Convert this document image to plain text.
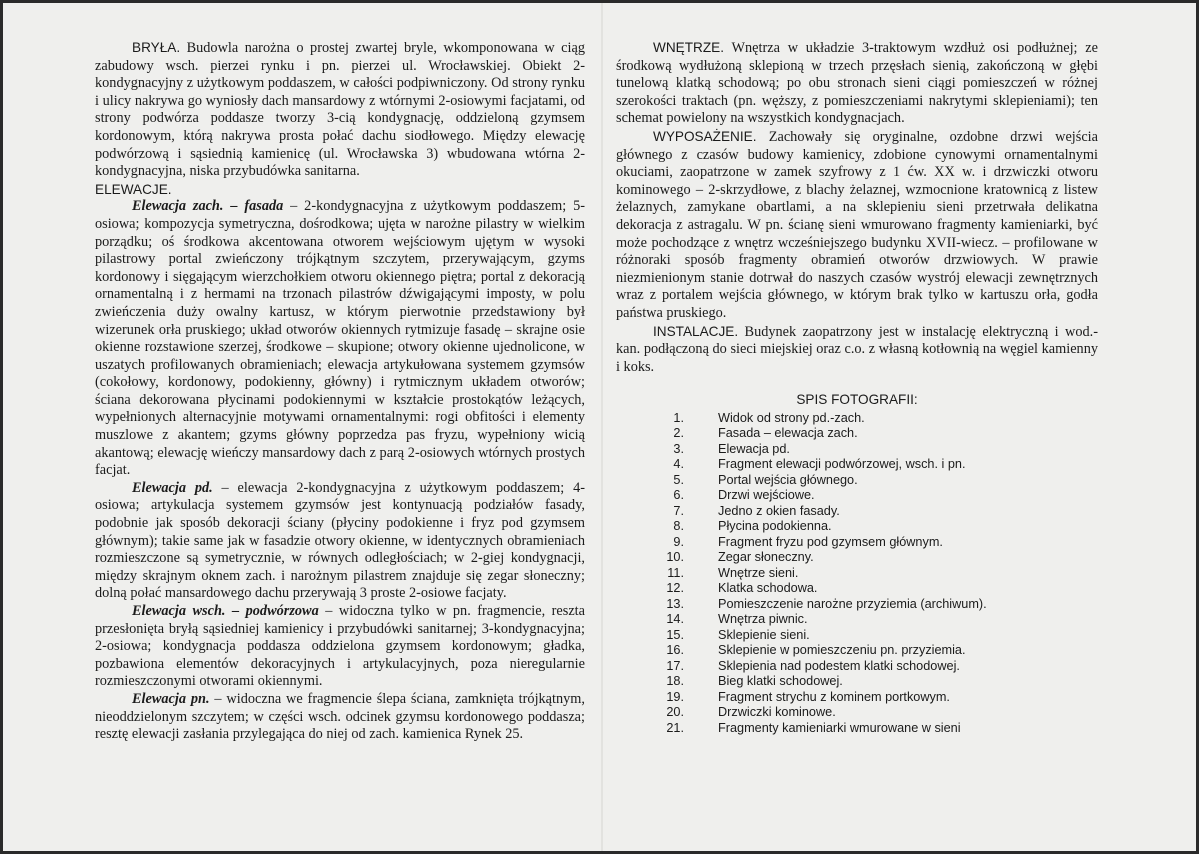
BRYŁA. Budowla narożna o prostej zwartej bryle, wkomponowana w ciąg zabudowy wsch. pierzei rynku i pn. pierzei ul. Wrocławskiej. Obiekt 2-kondygnacyjny z użytkowym poddaszem, w całości podpiwniczony. Od strony rynku i ulicy nakrywa go wyniosły dach mansardowy z wtórnymi 2-osiowymi facjatami, od strony podwórza poddasze tworzy 3-cią kondygnację, oddzieloną gzymsem kordonowym, którą nakrywa prosta połać dachu siodłowego. Między elewację podwórzową i sąsiednią kamienicę (ul. Wrocławska 3) wbudowana wtórna 2-kondygnacyjna, niska przybudówka sanitarna.

ELEWACJE.

Elewacja zach. – fasada – 2-kondygnacyjna z użytkowym poddaszem; 5-osiowa; kompozycja symetryczna, dośrodkowa; ujęta w narożne pilastry w wielkim porządku; oś środkowa akcentowana otworem wejściowym ujętym w wysoki pilastrowy portal zwieńczony trójkątnym szczytem, przerywającym, gzyms kordonowy i sięgającym wierzchołkiem otworu okiennego piętra; portal z dekoracją ornamentalną i z hermami na trzonach pilastrów dźwigającymi imposty, w polu zwieńczenia duży owalny kartusz, w którym pierwotnie przedstawiony był wizerunek orła pruskiego; układ otworów okiennych rytmizuje fasadę – skrajne osie okienne rozstawione szerzej, środkowe – skupione; otwory okienne ujednolicone, w uszatych profilowanych obramieniach; elewacja artykułowana systemem gzymsów (cokołowy, kordonowy, podokienny, główny) i rytmicznym układem otworów; ściana dekorowana płycinami podokiennymi w kształcie prostokątów leżących, wypełnionych alternacyjnie motywami ornamentalnymi: rogi obfitości i elementy muszlowe z akantem; gzyms główny poprzedza pas fryzu, wypełniony wicią akantową; elewację wieńczy mansardowy dach z parą 2-osiowych wtórnych prostych facjat.

Elewacja pd. – elewacja 2-kondygnacyjna z użytkowym poddaszem; 4-osiowa; artykulacja systemem gzymsów jest kontynuacją podziałów fasady, podobnie jak sposób dekoracji ściany (płyciny podokienne i fryz pod gzymsem głównym); takie same jak w fasadzie otwory okienne, w identycznych obramieniach rozmieszczone są symetrycznie, w równych odległościach; w 2-giej kondygnacji, między skrajnym oknem zach. i narożnym pilastrem znajduje się zegar słoneczny; dolną połać mansardowego dachu przerywają 3 proste 2-osiowe facjaty.

Elewacja wsch. – podwórzowa – widoczna tylko w pn. fragmencie, reszta przesłonięta bryłą sąsiedniej kamienicy i przybudówki sanitarnej; 3-kondygnacyjna; 2-osiowa; kondygnacja poddasza oddzielona gzymsem kordonowym; gładka, pozbawiona elementów dekoracyjnych i artykulacyjnych, poza nieregularnie rozmieszczonymi otworami okiennymi.

Elewacja pn. – widoczna we fragmencie ślepa ściana, zamknięta trójkątnym, nieoddzielonym szczytem; w części wsch. odcinek gzymsu kordonowego poddasza; resztę elewacji zasłania przylegająca do niej od zach. kamienica Rynek 25.

WNĘTRZE. Wnętrza w układzie 3-traktowym wzdłuż osi podłużnej; ze środkową wydłużoną sklepioną w trzech przęsłach sienią, zakończoną w głębi tunelową klatką schodową; po obu stronach sieni ciągi pomieszczeń w różnej szerokości traktach (pn. węższy, z pomieszczeniami nakrytymi sklepieniami); ten schemat powielony na wszystkich kondygnacjach.

WYPOSAŻENIE. Zachowały się oryginalne, ozdobne drzwi wejścia głównego z czasów budowy kamienicy, zdobione cynowymi ornamentalnymi okuciami, zaopatrzone w zamek szyfrowy z 1 ćw. XX w. i drzwiczki otworu kominowego – 2-skrzydłowe, z blachy żelaznej, wzmocnione kratownicą z listew żelaznych, zamykane obartlami, a na sklepieniu sieni przetrwała delikatna dekoracja z astragalu. W pn. ścianę sieni wmurowano fragmenty kamieniarki, być może pochodzące z wnętrz wcześniejszego budynku XVII-wiecz. – profilowane w różnoraki sposób fragmenty obramień otworów drzwiowych. W prawie niezmienionym stanie dotrwał do naszych czasów wystrój elewacji zewnętrznych wraz z portalem wejścia głównego, w którym brak tylko w kartuszu orła, godła państwa pruskiego.

INSTALACJE. Budynek zaopatrzony jest w instalację elektryczną i wod.-kan. podłączoną do sieci miejskiej oraz c.o. z własną kotłownią na węgiel kamienny i koks.

SPIS FOTOGRAFII:
1.	Widok od strony pd.-zach.
2.	Fasada – elewacja zach.
3.	Elewacja pd.
4.	Fragment elewacji podwórzowej, wsch. i pn.
5.	Portal wejścia głównego.
6.	Drzwi wejściowe.
7.	Jedno z okien fasady.
8.	Płycina podokienna.
9.	Fragment fryzu pod gzymsem głównym.
10.	Zegar słoneczny.
11.	Wnętrze sieni.
12.	Klatka schodowa.
13.	Pomieszczenie narożne przyziemia (archiwum).
14.	Wnętrza piwnic.
15.	Sklepienie sieni.
16.	Sklepienie w pomieszczeniu pn. przyziemia.
17.	Sklepienia nad podestem klatki schodowej.
18.	Bieg klatki schodowej.
19.	Fragment strychu z kominem portkowym.
20.	Drzwiczki kominowe.
21.	Fragmenty kamieniarki wmurowane w sieni
